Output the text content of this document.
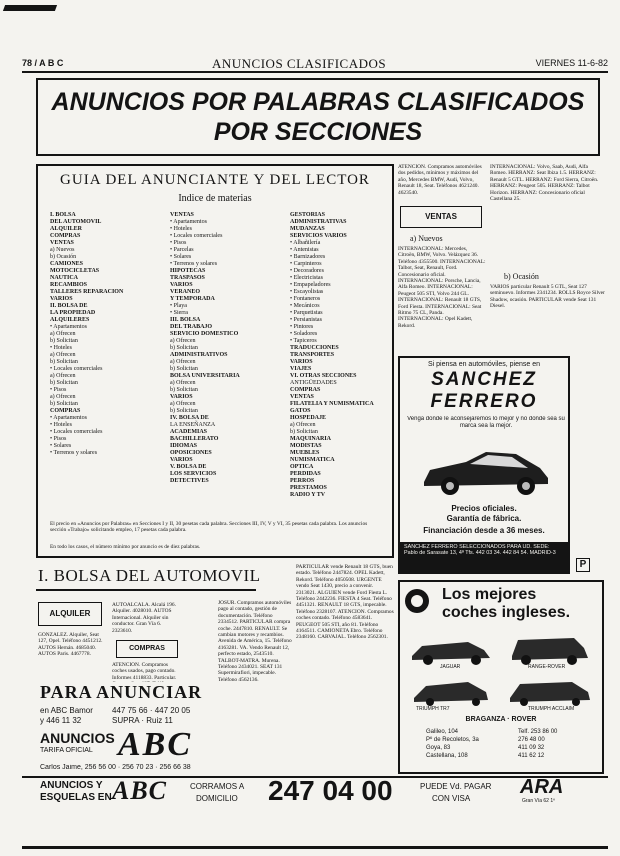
78 / A B C	ANUNCIOS CLASIFICADOS	VIERNES 11-6-82
ANUNCIOS POR PALABRAS CLASIFICADOS
POR SECCIONES
GUIA DEL ANUNCIANTE Y DEL LECTOR
Indice de materias
I. BOLSA
DEL AUTOMOVIL
ALQUILER
COMPRAS
VENTAS
a) Nuevos
b) Ocasión
CAMIONES
MOTOCICLETAS
NAUTICA
RECAMBIOS
TALLERES REPARACION
VARIOS
II. BOLSA DE
LA PROPIEDAD
ALQUILERES
• Apartamentos
a) Ofrecen
b) Solicitan
• Hoteles
a) Ofrecen
b) Solicitan
• Locales comerciales
a) Ofrecen
b) Solicitan
• Pisos
a) Ofrecen
b) Solicitan
COMPRAS
• Apartamentos
• Hoteles
• Locales comerciales
• Pisos
• Solares
• Terrenos y solares
VENTAS
• Apartamentos
• Hoteles
• Locales comerciales
• Pisos
• Parcelas
• Solares
• Terrenos y solares
HIPOTECAS
TRASPASOS
VARIOS
VERANEO
Y TEMPORADA
• Playa
• Sierra
III. BOLSA
DEL TRABAJO
SERVICIO DOMESTICO
a) Ofrecen
b) Solicitan
ADMINISTRATIVOS
a) Ofrecen
b) Solicitan
BOLSA UNIVERSITARIA
a) Ofrecen
b) Solicitan
VARIOS
a) Ofrecen
b) Solicitan
IV. BOLSA DE
LA ENSEÑANZA
ACADEMIAS
BACHILLERATO
IDIOMAS
OPOSICIONES
VARIOS
V. BOLSA DE
LOS SERVICIOS
DETECTIVES
GESTORIAS
ADMINISTRATIVAS
MUDANZAS
SERVICIOS VARIOS
• Albañilería
• Antenistas
• Barnizadores
• Carpinteros
• Decoradores
• Electricistas
• Empapeladores
• Escayolistas
• Fontaneros
• Mecánicos
• Parquetistas
• Persianistas
• Pintores
• Soladores
• Tapiceros
TRADUCCIONES
TRANSPORTES
VARIOS
VIAJES
VI. OTRAS SECCIONES
ANTIGÜEDADES
COMPRAS
VENTAS
FILATELIA Y NUMISMATICA
GATOS
HOSPEDAJE
a) Ofrecen
b) Solicitan
MAQUINARIA
MODISTAS
MUEBLES
NUMISMATICA
OPTICA
PERDIDAS
PERROS
PRESTAMOS
RADIO Y TV
El precio en «Anuncios por Palabras» en Secciones I y II, 30 pesetas cada palabra. Secciones III, IV, V y VI, 35 pesetas cada palabra. Los anuncios sección «Trabajo» solicitando empleo, 17 pesetas cada palabra.
En todo los casos, el número mínimo por anuncio es de diez palabras.
ATENCION. Compramos automóviles dos pedidos, mínimos y máximos del año, Mercedes BMW, Audi, Volvo, Renault 18, Seat. Teléfonos 4621240. 4623540.
VENTAS
a) Nuevos
INTERNACIONAL: Mercedes, Citroën, BMW, Volvo. Velázquez 36. Teléfono 4355500. INTERNACIONAL: Talbot, Seat, Renault, Ford. Concesionario oficial. INTERNACIONAL: Porsche, Lancia, Alfa Romeo. INTERNACIONAL: Peugeot 505 STI, Volvo 244 GL. INTERNACIONAL: Renault 18 GTS, Ford Fiesta. INTERNACIONAL: Seat Ritmo 75 CL, Panda. INTERNACIONAL: Opel Kadett, Rekord.
INTERNACIONAL: Volvo, Saab, Audi, Alfa Romeo. HERRANZ: Seat Ibiza 1.5. HERRANZ: Renault 5 GTL. HERRANZ: Ford Sierra, Citroën. HERRANZ: Peugeot 505. HERRANZ: Talbot Horizon. HERRANZ: Concesionario oficial Castellana 25.
b) Ocasión
VARIOS particular Renault 5 GTL, Seat 127 seminuevo. Informes 2341234. ROLLS Royce Silver Shadow, ocasión. PARTICULAR vende Seat 131 Diesel.
Si piensa en automóviles, piense en
SANCHEZ
FERRERO
Venga donde le aconsejaremos lo mejor y no donde sea su marca sea la mejor.
Precios oficiales.
Garantía de fábrica.
Financiación desde a 36 meses.
SANCHEZ FERRERO SELECCIONADOS PARA UD. SEDE: Pablo de Sarasate 13, 4ª Tfs. 442 03 34. 442 84 54. MADRID-3
P
I. BOLSA DEL AUTOMOVIL
ALQUILER
GONZALEZ. Alquiler, Seat 127, Opel. Teléfono 4451212. AUTOS Hernán. 4685040. AUTOS Paris. 4467778.
AUTOALCALA. Alcalá 196. Alquiler. 4028010. AUTOS Internacional. Alquiler sin conductor. Gran Vía 6. 2323610.
COMPRAS
ATENCION. Compramos coches usados, pago contado. Informes 4118833. Particular.
JOSUR. Compramos automóviles pago al contado, gestión de documentación. Teléfono 2334512. PARTICULAR compra coche. 2447810. RENAULT. Se cambian motores y recambios. Avenida de América, 15. Teléfono 4163281. VA. Vendo Renault 12, perfecto estado, 2543510. TALBOT-MATRA. Murena. Teléfono 2434021. SEAT 131 Supermirafiori, impecable. Teléfono 4562136.
PARTICULAR vende Renault 18 GTS, buen estado. Teléfono 2447824. OPEL Kadett, Rekord. Teléfono 4050508. URGENTE vendo Seat 1430, precio a convenir. 2313021. ALGUIEN vende Ford Fiesta L. Teléfono 2442236. FIESTA 4 Seat. Teléfono 4451321. RENAULT 18 GTS, impecable. Teléfono 2328107. ATENCION. Compramos coches contado. Teléfono 4583641. PEUGEOT 505 STI, año 81. Teléfono 4164511. CAMIONETA Ebro. Teléfono 2348160. CARVAJAL. Teléfono 2562301.
PARA ANUNCIAR
en ABC Bamor 447 75 66 · 447 20 05
y 446 11 32	SUPRA · Ruiz 11
ANUNCIOS
TARIFA OFICIAL ABC
Carlos Jaime, 256 56 00 · 256 70 23 · 256 66 38
Los mejores
coches ingleses.
JAGUAR	RANGE-ROVER
TRIUMPH TR7	TRIUMPH ACCLAIM
BRAGANZA · ROVER
Galileo, 104
Pº de Recoletos, 3a
Goya, 83
Castellana, 108
Telf. 253 86 00
276 48 00
411 09 32
411 62 12
ANUNCIOS Y
ESQUELAS EN ABC	CORRAMOS A
DOMICILIO 247 04 00	PUEDE Vd. PAGAR
CON VISA
ARA
Gran Vía 62 1º
